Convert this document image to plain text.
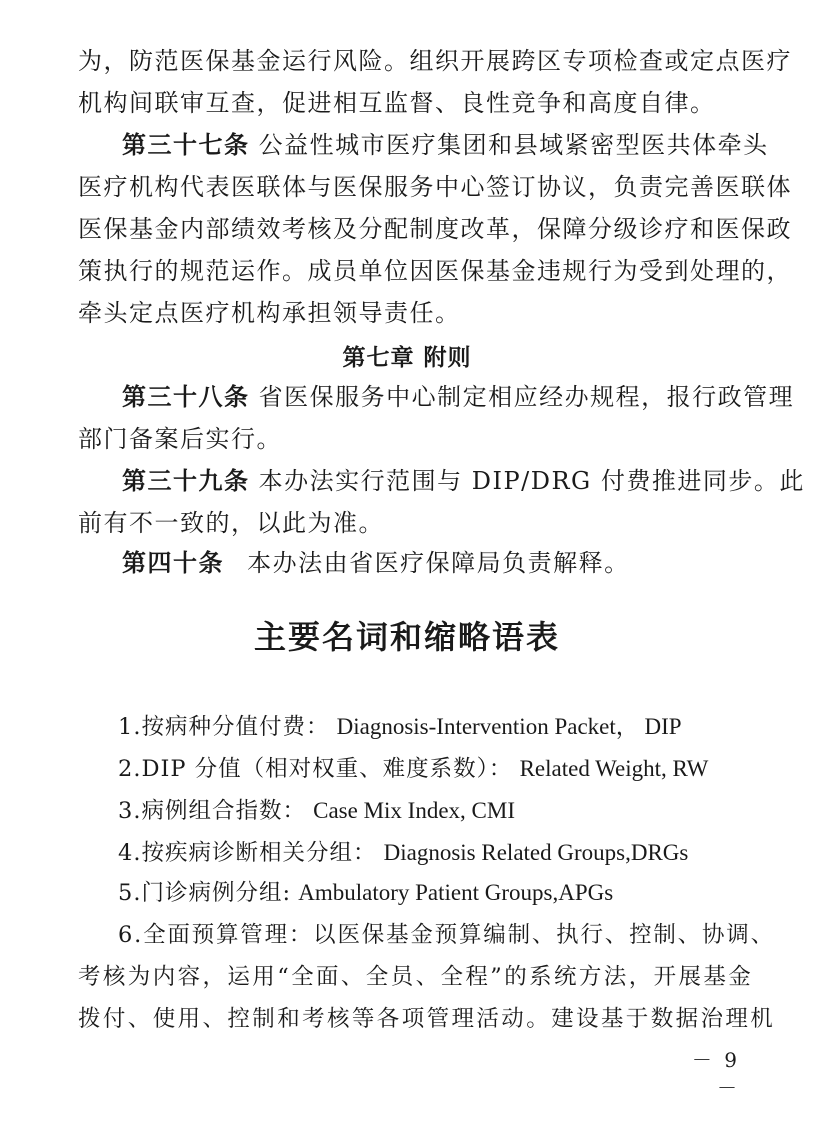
为，防范医保基金运行风险。组织开展跨区专项检查或定点医疗
机构间联审互查，促进相互监督、良性竞争和高度自律。
第三十七条 公益性城市医疗集团和县域紧密型医共体牵头
医疗机构代表医联体与医保服务中心签订协议，负责完善医联体
医保基金内部绩效考核及分配制度改革，保障分级诊疗和医保政
策执行的规范运作。成员单位因医保基金违规行为受到处理的，
牵头定点医疗机构承担领导责任。
第七章 附则
第三十八条 省医保服务中心制定相应经办规程，报行政管理
部门备案后实行。
第三十九条 本办法实行范围与 DIP/DRG 付费推进同步。此
前有不一致的，以此为准。
第四十条 本办法由省医疗保障局负责解释。
主要名词和缩略语表
1.按病种分值付费： Diagnosis-Intervention Packet， DIP
2.DIP 分值（相对权重、难度系数）： Related Weight, RW
3.病例组合指数： Case Mix Index, CMI
4.按疾病诊断相关分组： Diagnosis Related Groups,DRGs
5.门诊病例分组: Ambulatory Patient Groups,APGs
6.全面预算管理：以医保基金预算编制、执行、控制、协调、
考核为内容，运用“全面、全员、全程”的系统方法，开展基金
拨付、使用、控制和考核等各项管理活动。建设基于数据治理机
－ 9 －
